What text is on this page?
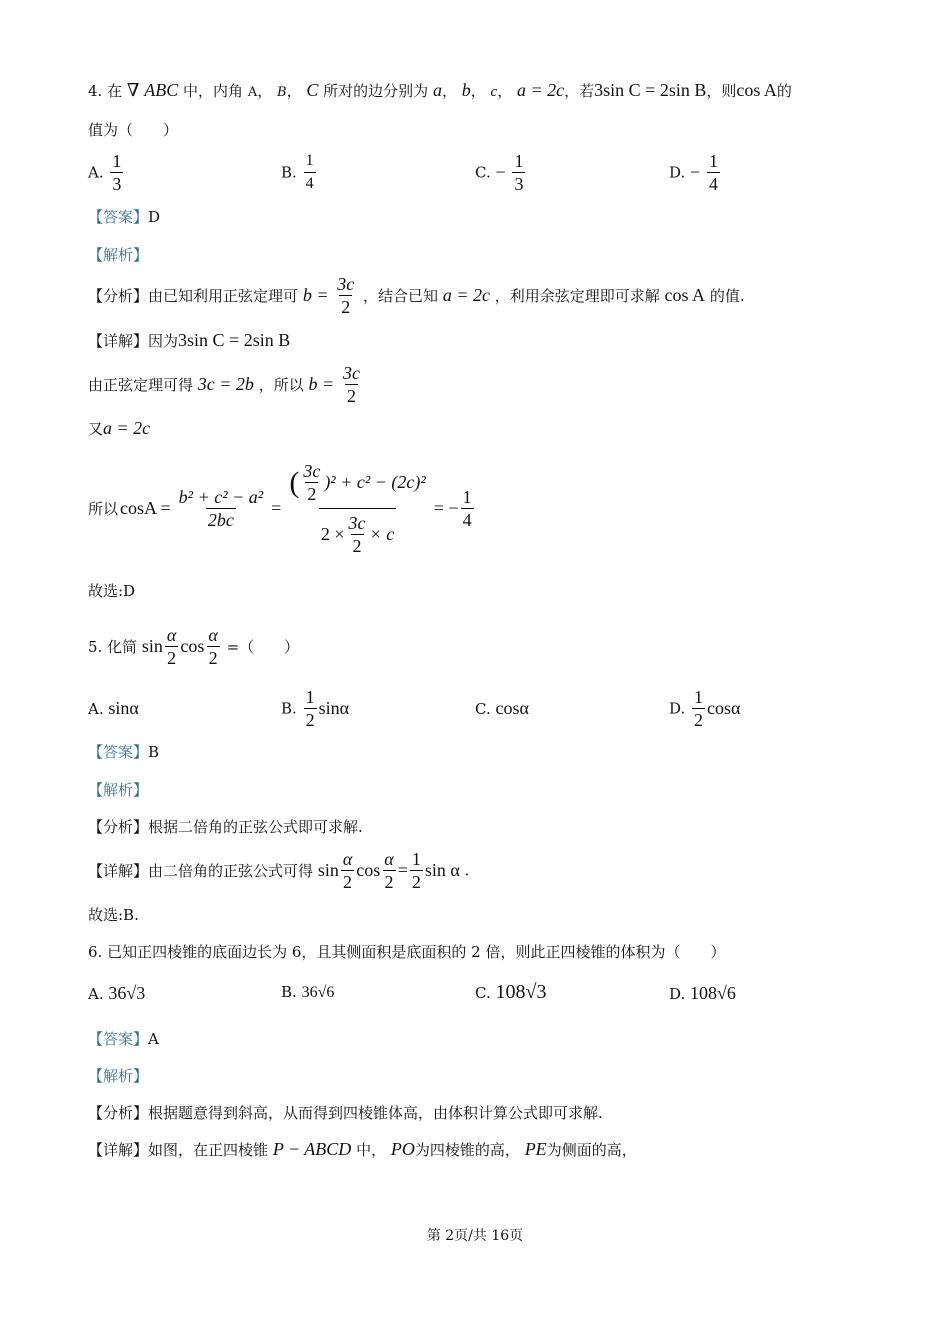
4. 在 ∇ ABC 中，内角 A， B， C 所对的边分别为 a， b， c， a = 2c，若3sin C = 2sin B，则cos A的
值为（　　）
A. $\frac{1}{3}$	B. $\frac{1}{4}$	C. − $\frac{1}{3}$	D. − $\frac{1}{4}$
【答案】D
【解析】
【分析】由已知利用正弦定理可 $b = \frac{3c}{2}$ ，结合已知 a = 2c ，利用余弦定理即可求解 cos A 的值.
【详解】因为3sin C = 2sin B
由正弦定理可得 3c = 2b ，所以 $b = \frac{3c}{2}$
又a = 2c
所以 $\cos A = \frac{\text{b² + c² − a²}}{2bc} = \frac{( \frac{3c}{2} )^2 + c^2 - (2c)^2}{2 \times \frac{3c}{2} \times c}$ = − $\frac{1}{4}$
故选:D
5. 化简 $\sin \frac{\alpha}{2}$ $\cos \frac{\alpha}{2}$ =（　　）
A. sinα	B. $\frac{1}{2}$ sinα	C. cosα	D. $\frac{1}{2}$ cosα
【答案】B
【解析】
【分析】根据二倍角的正弦公式即可求解.
【详解】由二倍角的正弦公式可得 $\sin \frac{\alpha}{2}$ $\cos \frac{\alpha}{2} = \frac{1}{2}$ sin α .
故选:B.
6. 已知正四棱锥的底面边长为 6，且其侧面积是底面积的 2 倍，则此正四棱锥的体积为（　　）
A. 36√3	B. 36√6	C. 108√3	D. 108√6
【答案】A
【解析】
【分析】根据题意得到斜高，从而得到四棱锥体高，由体积计算公式即可求解.
【详解】如图，在正四棱锥 P − ABCD 中， PO为四棱锥的高， PE为侧面的高，
第 2页/共 16页
